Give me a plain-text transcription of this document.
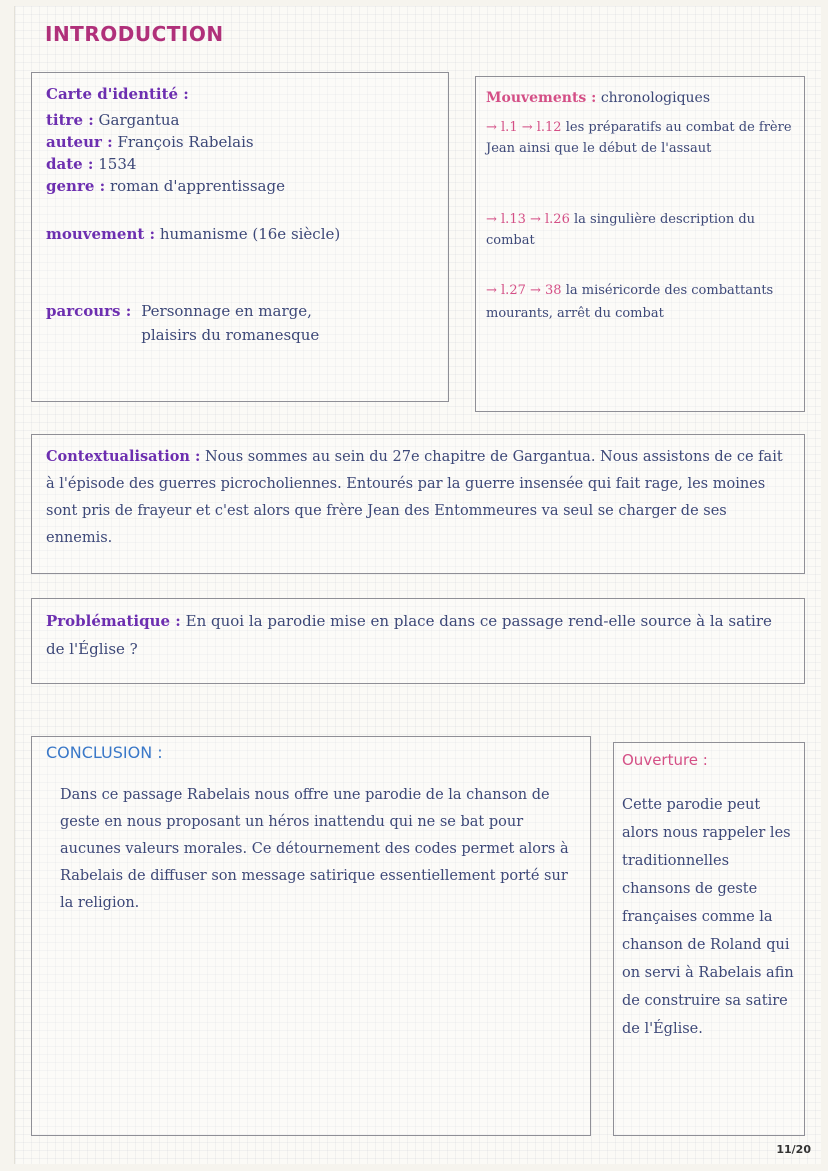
INTRODUCTION
Carte d'identité :
titre : Gargantua
auteur : François Rabelais
date : 1534
genre : roman d'apprentissage
mouvement : humanisme (16e siècle)
parcours : Personnage en marge, plaisirs du romanesque
Mouvements : chronologiques
→ l.1 → l.12 les préparatifs au combat de frère Jean ainsi que le début de l'assaut
→ l.13 → l.26 la singulière description du combat
→ l.27 → 38 la miséricorde des combattants mourants, arrêt du combat
Contextualisation : Nous sommes au sein du 27e chapitre de Gargantua. Nous assistons de ce fait à l'épisode des guerres picrocholiennes. Entourés par la guerre insensée qui fait rage, les moines sont pris de frayeur et c'est alors que frère Jean des Entommeures va seul se charger de ses ennemis.
Problématique : En quoi la parodie mise en place dans ce passage rend-elle source à la satire de l'Église ?
CONCLUSION :
Dans ce passage Rabelais nous offre une parodie de la chanson de geste en nous proposant un héros inattendu qui ne se bat pour aucunes valeurs morales. Ce détournement des codes permet alors à Rabelais de diffuser son message satirique essentiellement porté sur la religion.
Ouverture :
Cette parodie peut alors nous rappeler les traditionnelles chansons de geste françaises comme la chanson de Roland qui on servi à Rabelais afin de construire sa satire de l'Église.
11/20
